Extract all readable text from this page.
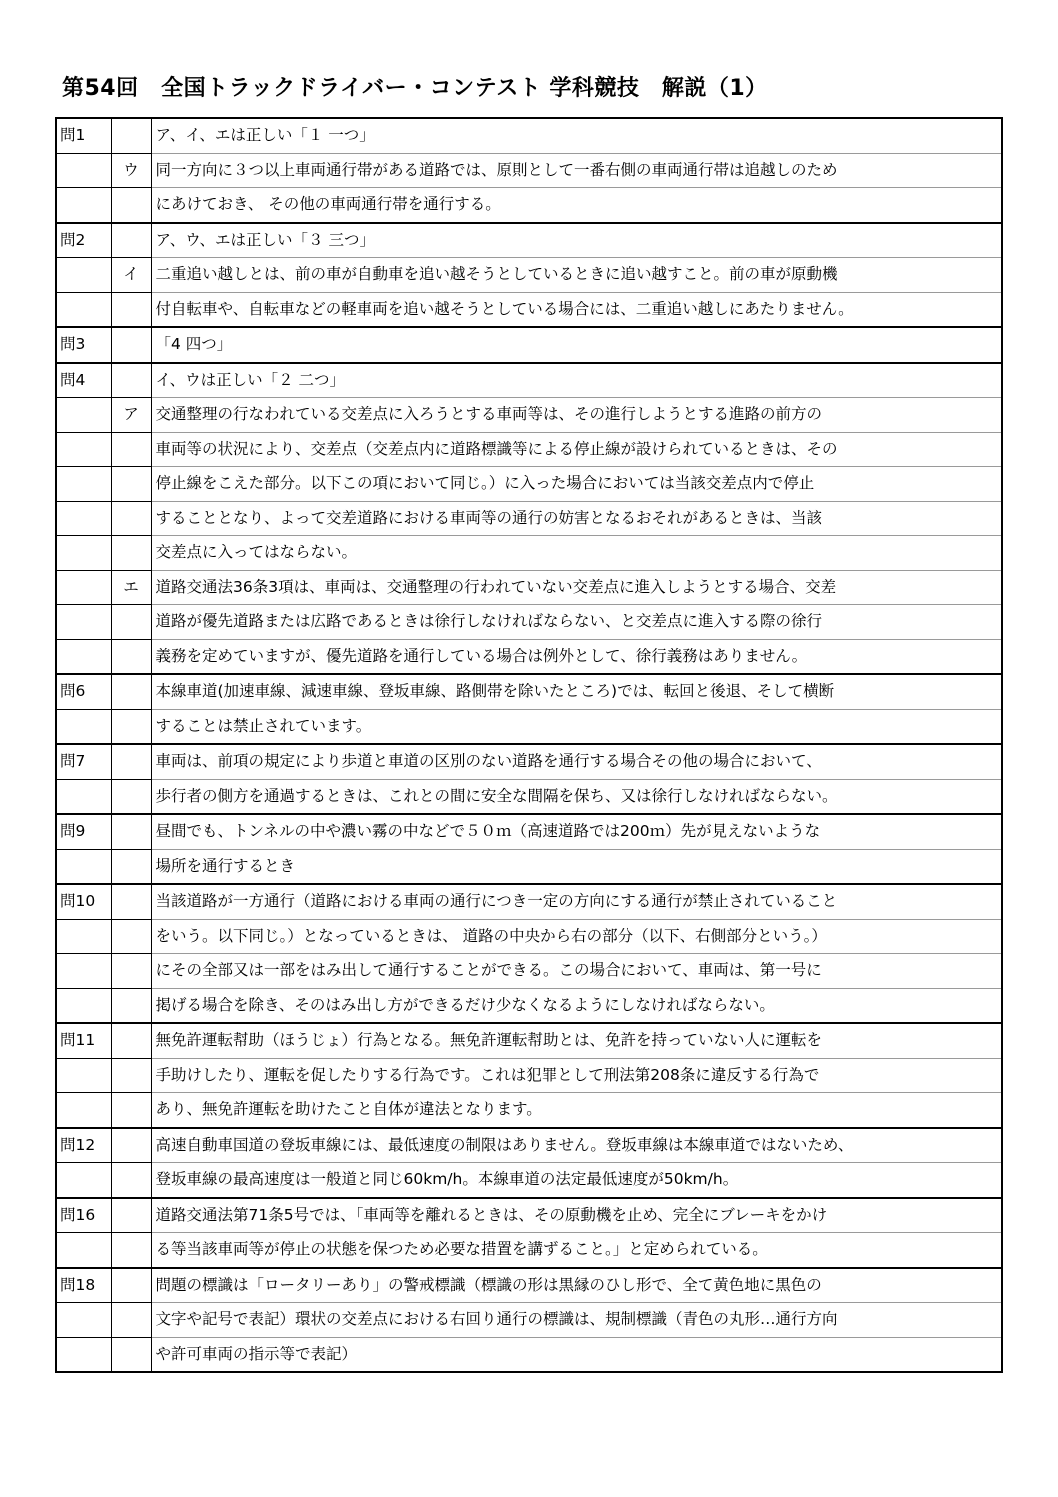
第54回　全国トラックドライバー・コンテスト 学科競技　解説（1）
問1		ア、イ、エは正しい「１ 一つ」
	ウ	同一方向に３つ以上車両通行帯がある道路では、原則として一番右側の車両通行帯は追越しのため
		にあけておき、 その他の車両通行帯を通行する。
問2		ア、ウ、エは正しい「３ 三つ」
	イ	二重追い越しとは、前の車が自動車を追い越そうとしているときに追い越すこと。前の車が原動機
		付自転車や、自転車などの軽車両を追い越そうとしている場合には、二重追い越しにあたりません。
問3		「4 四つ」
問4		イ、ウは正しい「２ 二つ」
	ア	交通整理の行なわれている交差点に入ろうとする車両等は、その進行しようとする進路の前方の
		車両等の状況により、交差点（交差点内に道路標識等による停止線が設けられているときは、その
		停止線をこえた部分。以下この項において同じ。）に入った場合においては当該交差点内で停止
		することとなり、よって交差道路における車両等の通行の妨害となるおそれがあるときは、当該
		交差点に入ってはならない。
	エ	道路交通法36条3項は、車両は、交通整理の行われていない交差点に進入しようとする場合、交差
		道路が優先道路または広路であるときは徐行しなければならない、と交差点に進入する際の徐行
		義務を定めていますが、優先道路を通行している場合は例外として、徐行義務はありません。
問6		本線車道(加速車線、減速車線、登坂車線、路側帯を除いたところ)では、転回と後退、そして横断
		することは禁止されています。
問7		車両は、前項の規定により歩道と車道の区別のない道路を通行する場合その他の場合において、
		歩行者の側方を通過するときは、これとの間に安全な間隔を保ち、又は徐行しなければならない。
問9		昼間でも、トンネルの中や濃い霧の中などで５０ｍ（高速道路では200ｍ）先が見えないような
		場所を通行するとき
問10		当該道路が一方通行（道路における車両の通行につき一定の方向にする通行が禁止されていること
		をいう。以下同じ。）となっているときは、 道路の中央から右の部分（以下、右側部分という。）
		にその全部又は一部をはみ出して通行することができる。この場合において、車両は、第一号に
		掲げる場合を除き、そのはみ出し方ができるだけ少なくなるようにしなければならない。
問11		無免許運転幇助（ほうじょ）行為となる。無免許運転幇助とは、免許を持っていない人に運転を
		手助けしたり、運転を促したりする行為です。これは犯罪として刑法第208条に違反する行為で
		あり、無免許運転を助けたこと自体が違法となります。
問12		高速自動車国道の登坂車線には、最低速度の制限はありません。登坂車線は本線車道ではないため、
		登坂車線の最高速度は一般道と同じ60km/h。本線車道の法定最低速度が50km/h。
問16		道路交通法第71条5号では、「車両等を離れるときは、その原動機を止め、完全にブレーキをかけ
		る等当該車両等が停止の状態を保つため必要な措置を講ずること。」と定められている。
問18		問題の標識は「ロータリーあり」の警戒標識（標識の形は黒縁のひし形で、全て黄色地に黒色の
		文字や記号で表記）環状の交差点における右回り通行の標識は、規制標識（青色の丸形…通行方向
		や許可車両の指示等で表記）
